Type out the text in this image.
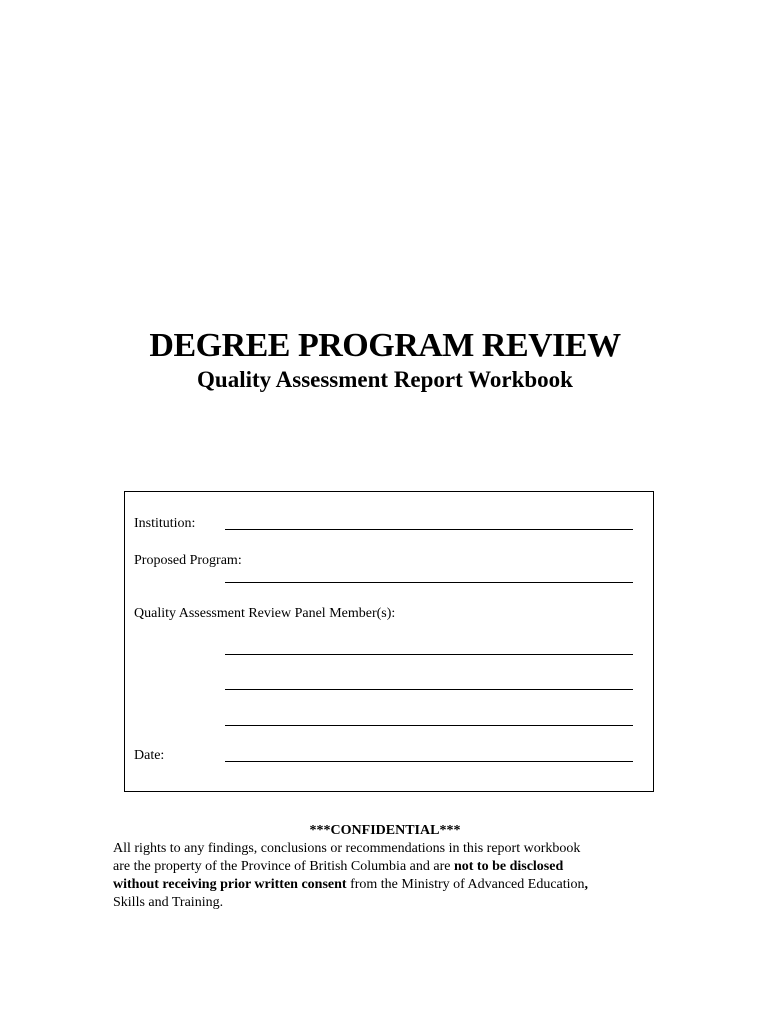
DEGREE PROGRAM REVIEW
Quality Assessment Report Workbook
Institution:
Proposed Program:
Quality Assessment Review Panel Member(s):
Date:
***CONFIDENTIAL***
All rights to any findings, conclusions or recommendations in this report workbook
are the property of the Province of British Columbia and are not to be disclosed
without receiving prior written consent from the Ministry of Advanced Education,
Skills and Training.
